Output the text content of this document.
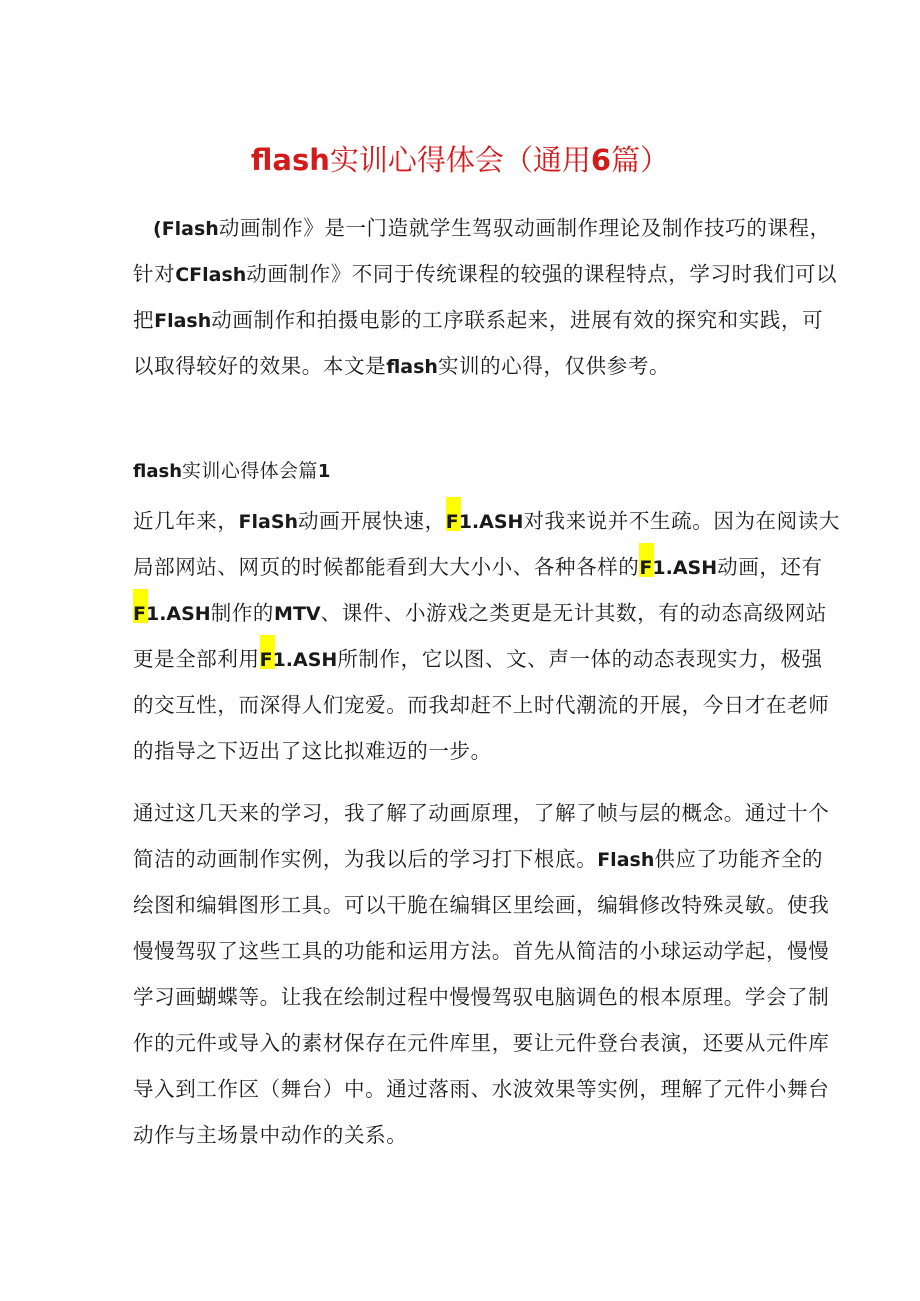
flash实训心得体会（通用6篇）
(Flash动画制作》是一门造就学生驾驭动画制作理论及制作技巧的课程，
针对CFlash动画制作》不同于传统课程的较强的课程特点，学习时我们可以
把Flash动画制作和拍摄电影的工序联系起来，进展有效的探究和实践，可
以取得较好的效果。本文是flash实训的心得，仅供参考。
flash实训心得体会篇1
近几年来，FlaSh动画开展快速，F1.ASH对我来说并不生疏。因为在阅读大
局部网站、网页的时候都能看到大大小小、各种各样的F1.ASH动画，还有
F1.ASH制作的MTV、课件、小游戏之类更是无计其数，有的动态高级网站
更是全部利用F1.ASH所制作，它以图、文、声一体的动态表现实力，极强
的交互性，而深得人们宠爱。而我却赶不上时代潮流的开展，今日才在老师
的指导之下迈出了这比拟难迈的一步。
通过这几天来的学习，我了解了动画原理，了解了帧与层的概念。通过十个
简洁的动画制作实例，为我以后的学习打下根底。Flash供应了功能齐全的
绘图和编辑图形工具。可以干脆在编辑区里绘画，编辑修改特殊灵敏。使我
慢慢驾驭了这些工具的功能和运用方法。首先从简洁的小球运动学起，慢慢
学习画蝴蝶等。让我在绘制过程中慢慢驾驭电脑调色的根本原理。学会了制
作的元件或导入的素材保存在元件库里，要让元件登台表演，还要从元件库
导入到工作区（舞台）中。通过落雨、水波效果等实例，理解了元件小舞台
动作与主场景中动作的关系。
